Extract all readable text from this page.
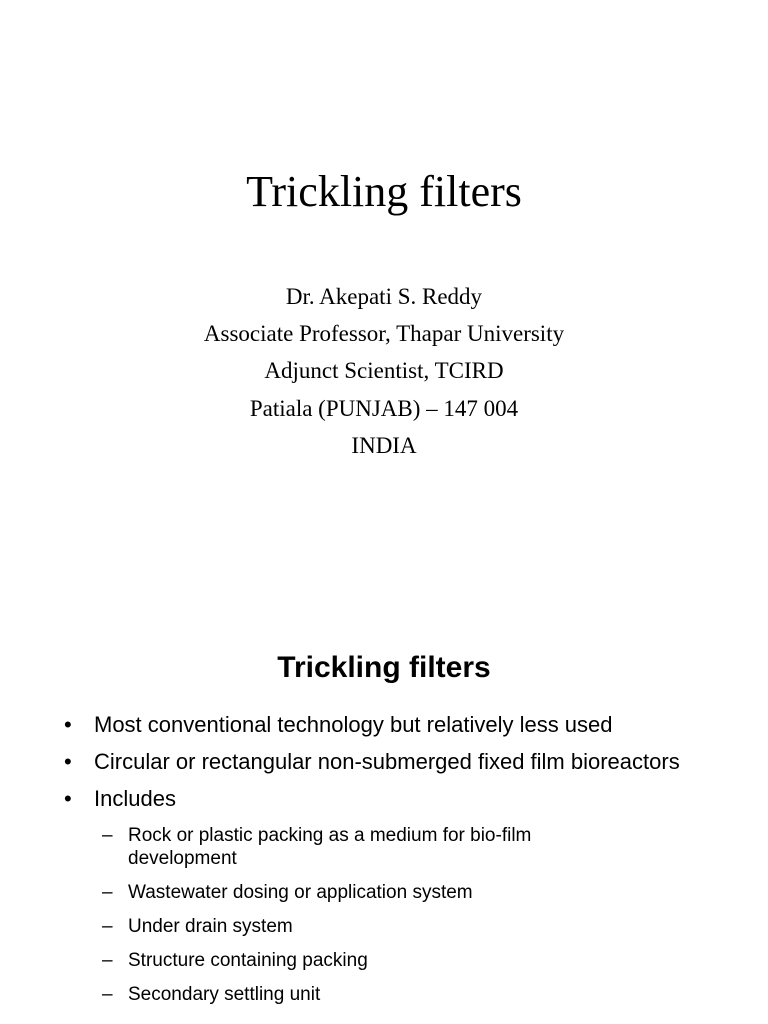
Trickling filters
Dr. Akepati S. Reddy
Associate Professor, Thapar University
Adjunct Scientist, TCIRD
Patiala (PUNJAB) – 147 004
INDIA
Trickling filters
• Most conventional technology but relatively less used
• Circular or rectangular non-submerged fixed film bioreactors
• Includes
– Rock or plastic packing as a medium for bio-film development
– Wastewater dosing or application system
– Under drain system
– Structure containing packing
– Secondary settling unit
